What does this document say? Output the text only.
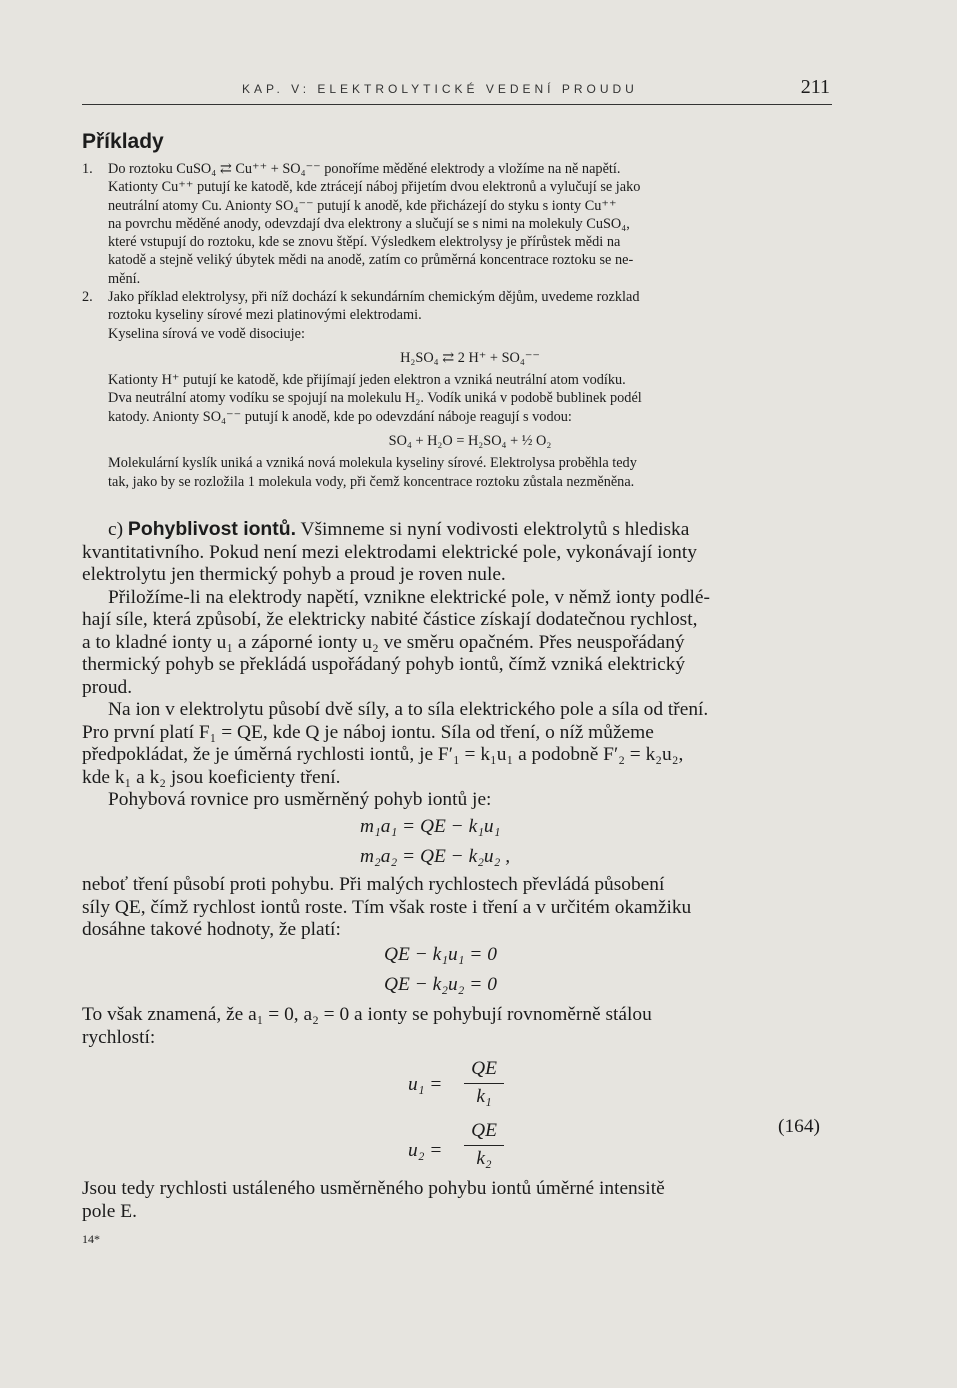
KAP. V: ELEKTROLYTICKÉ VEDENÍ PROUDU	211
Příklady
1. Do roztoku CuSO₄ ⇄ Cu⁺⁺ + SO₄⁻⁻ ponoříme měděné elektrody a vložíme na ně napětí.
Kationty Cu⁺⁺ putují ke katodě, kde ztrácejí náboj přijetím dvou elektronů a vylučují se jako
neutrální atomy Cu. Anionty SO₄⁻⁻ putují k anodě, kde přicházejí do styku s ionty Cu⁺⁺
na povrchu měděné anody, odevzdají dva elektrony a slučují se s nimi na molekuly CuSO₄,
které vstupují do roztoku, kde se znovu štěpí. Výsledkem elektrolysy je přírůstek mědi na
katodě a stejně veliký úbytek mědi na anodě, zatím co průměrná koncentrace roztoku se ne-
mění.
2. Jako příklad elektrolysy, při níž dochází k sekundárním chemickým dějům, uvedeme rozklad
roztoku kyseliny sírové mezi platinovými elektrodami.
Kyselina sírová ve vodě disociuje:
H₂SO₄ ⇄ 2 H⁺ + SO₄⁻⁻
Kationty H⁺ putují ke katodě, kde přijímají jeden elektron a vzniká neutrální atom vodíku.
Dva neutrální atomy vodíku se spojují na molekulu H₂. Vodík uniká v podobě bublinek podél
katody. Anionty SO₄⁻⁻ putují k anodě, kde po odevzdání náboje reagují s vodou:
SO₄ + H₂O = H₂SO₄ + ½ O₂
Molekulární kyslík uniká a vzniká nová molekula kyseliny sírové. Elektrolysa proběhla tedy
tak, jako by se rozložila 1 molekula vody, při čemž koncentrace roztoku zůstala nezměněna.
c) Pohyblivost iontů. Všimneme si nyní vodivosti elektrolytů s hlediska
kvantitativního. Pokud není mezi elektrodami elektrické pole, vykonávají ionty
elektrolytu jen thermický pohyb a proud je roven nule.
Přiložíme-li na elektrody napětí, vznikne elektrické pole, v němž ionty podlé-
hají síle, která způsobí, že elektricky nabité částice získají dodatečnou rychlost,
a to kladné ionty u₁ a záporné ionty u₂ ve směru opačném. Přes neuspořádaný
thermický pohyb se překládá uspořádaný pohyb iontů, čímž vzniká elektrický
proud.
Na ion v elektrolytu působí dvě síly, a to síla elektrického pole a síla od tření.
Pro první platí F₁ = QE, kde Q je náboj iontu. Síla od tření, o níž můžeme
předpokládat, že je úměrná rychlosti iontů, je F′₁ = k₁u₁ a podobně F′₂ = k₂u₂,
kde k₁ a k₂ jsou koeficienty tření.
Pohybová rovnice pro usměrněný pohyb iontů je:
m₁a₁ = QE − k₁u₁
m₂a₂ = QE − k₂u₂ ,
neboť tření působí proti pohybu. Při malých rychlostech převládá působení
síly QE, čímž rychlost iontů roste. Tím však roste i tření a v určitém okamžiku
dosáhne takové hodnoty, že platí:
QE − k₁u₁ = 0
QE − k₂u₂ = 0
To však znamená, že a₁ = 0, a₂ = 0 a ionty se pohybují rovnoměrně stálou
rychlostí:
u₁ =
QE
k₁
u₂ =
QE
k₂
(164)
Jsou tedy rychlosti ustáleného usměrněného pohybu iontů úměrné intensitě
pole E.
14*
